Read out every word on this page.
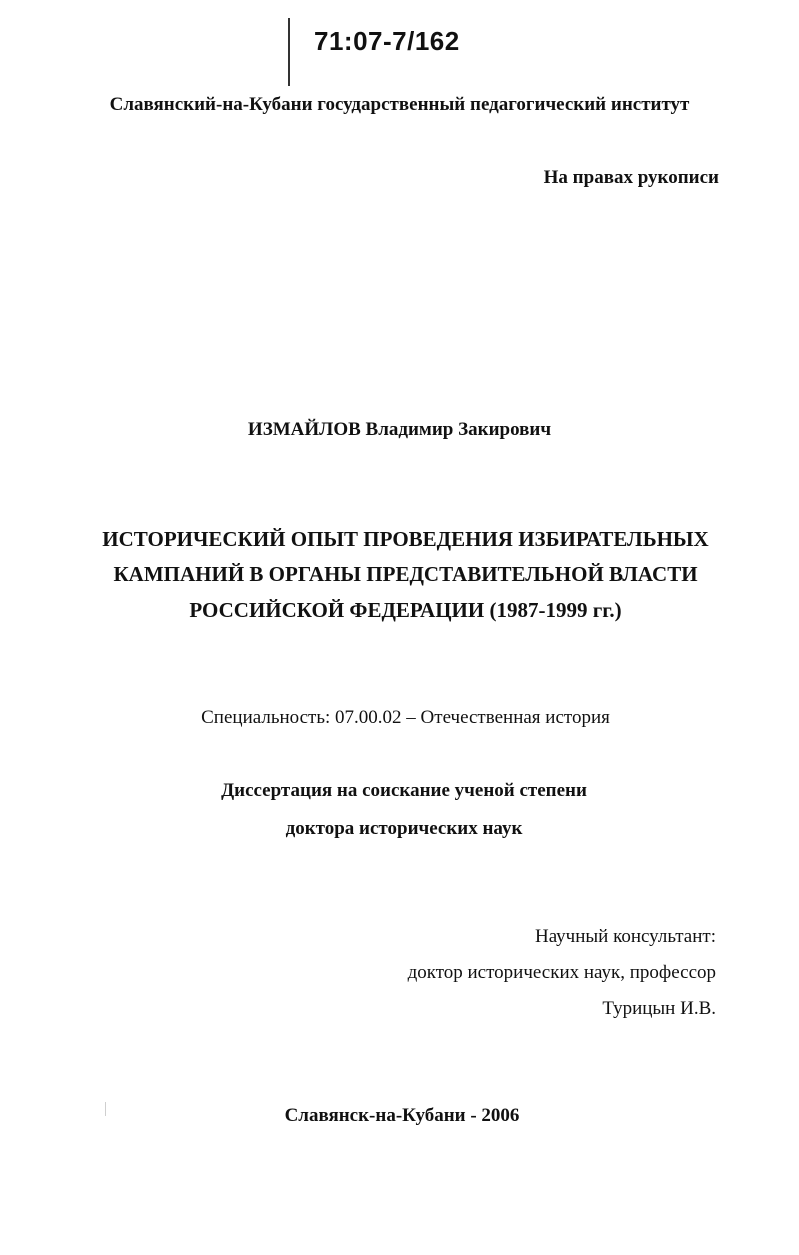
71:07-7/162
Славянский-на-Кубани государственный педагогический институт
На правах рукописи
ИЗМАЙЛОВ Владимир Закирович
ИСТОРИЧЕСКИЙ ОПЫТ ПРОВЕДЕНИЯ ИЗБИРАТЕЛЬНЫХ
КАМПАНИЙ В ОРГАНЫ ПРЕДСТАВИТЕЛЬНОЙ ВЛАСТИ
РОССИЙСКОЙ ФЕДЕРАЦИИ (1987-1999 гг.)
Специальность: 07.00.02 – Отечественная история
Диссертация на соискание ученой степени
доктора исторических наук
Научный консультант:
доктор исторических наук, профессор
Турицын И.В.
Славянск-на-Кубани - 2006
